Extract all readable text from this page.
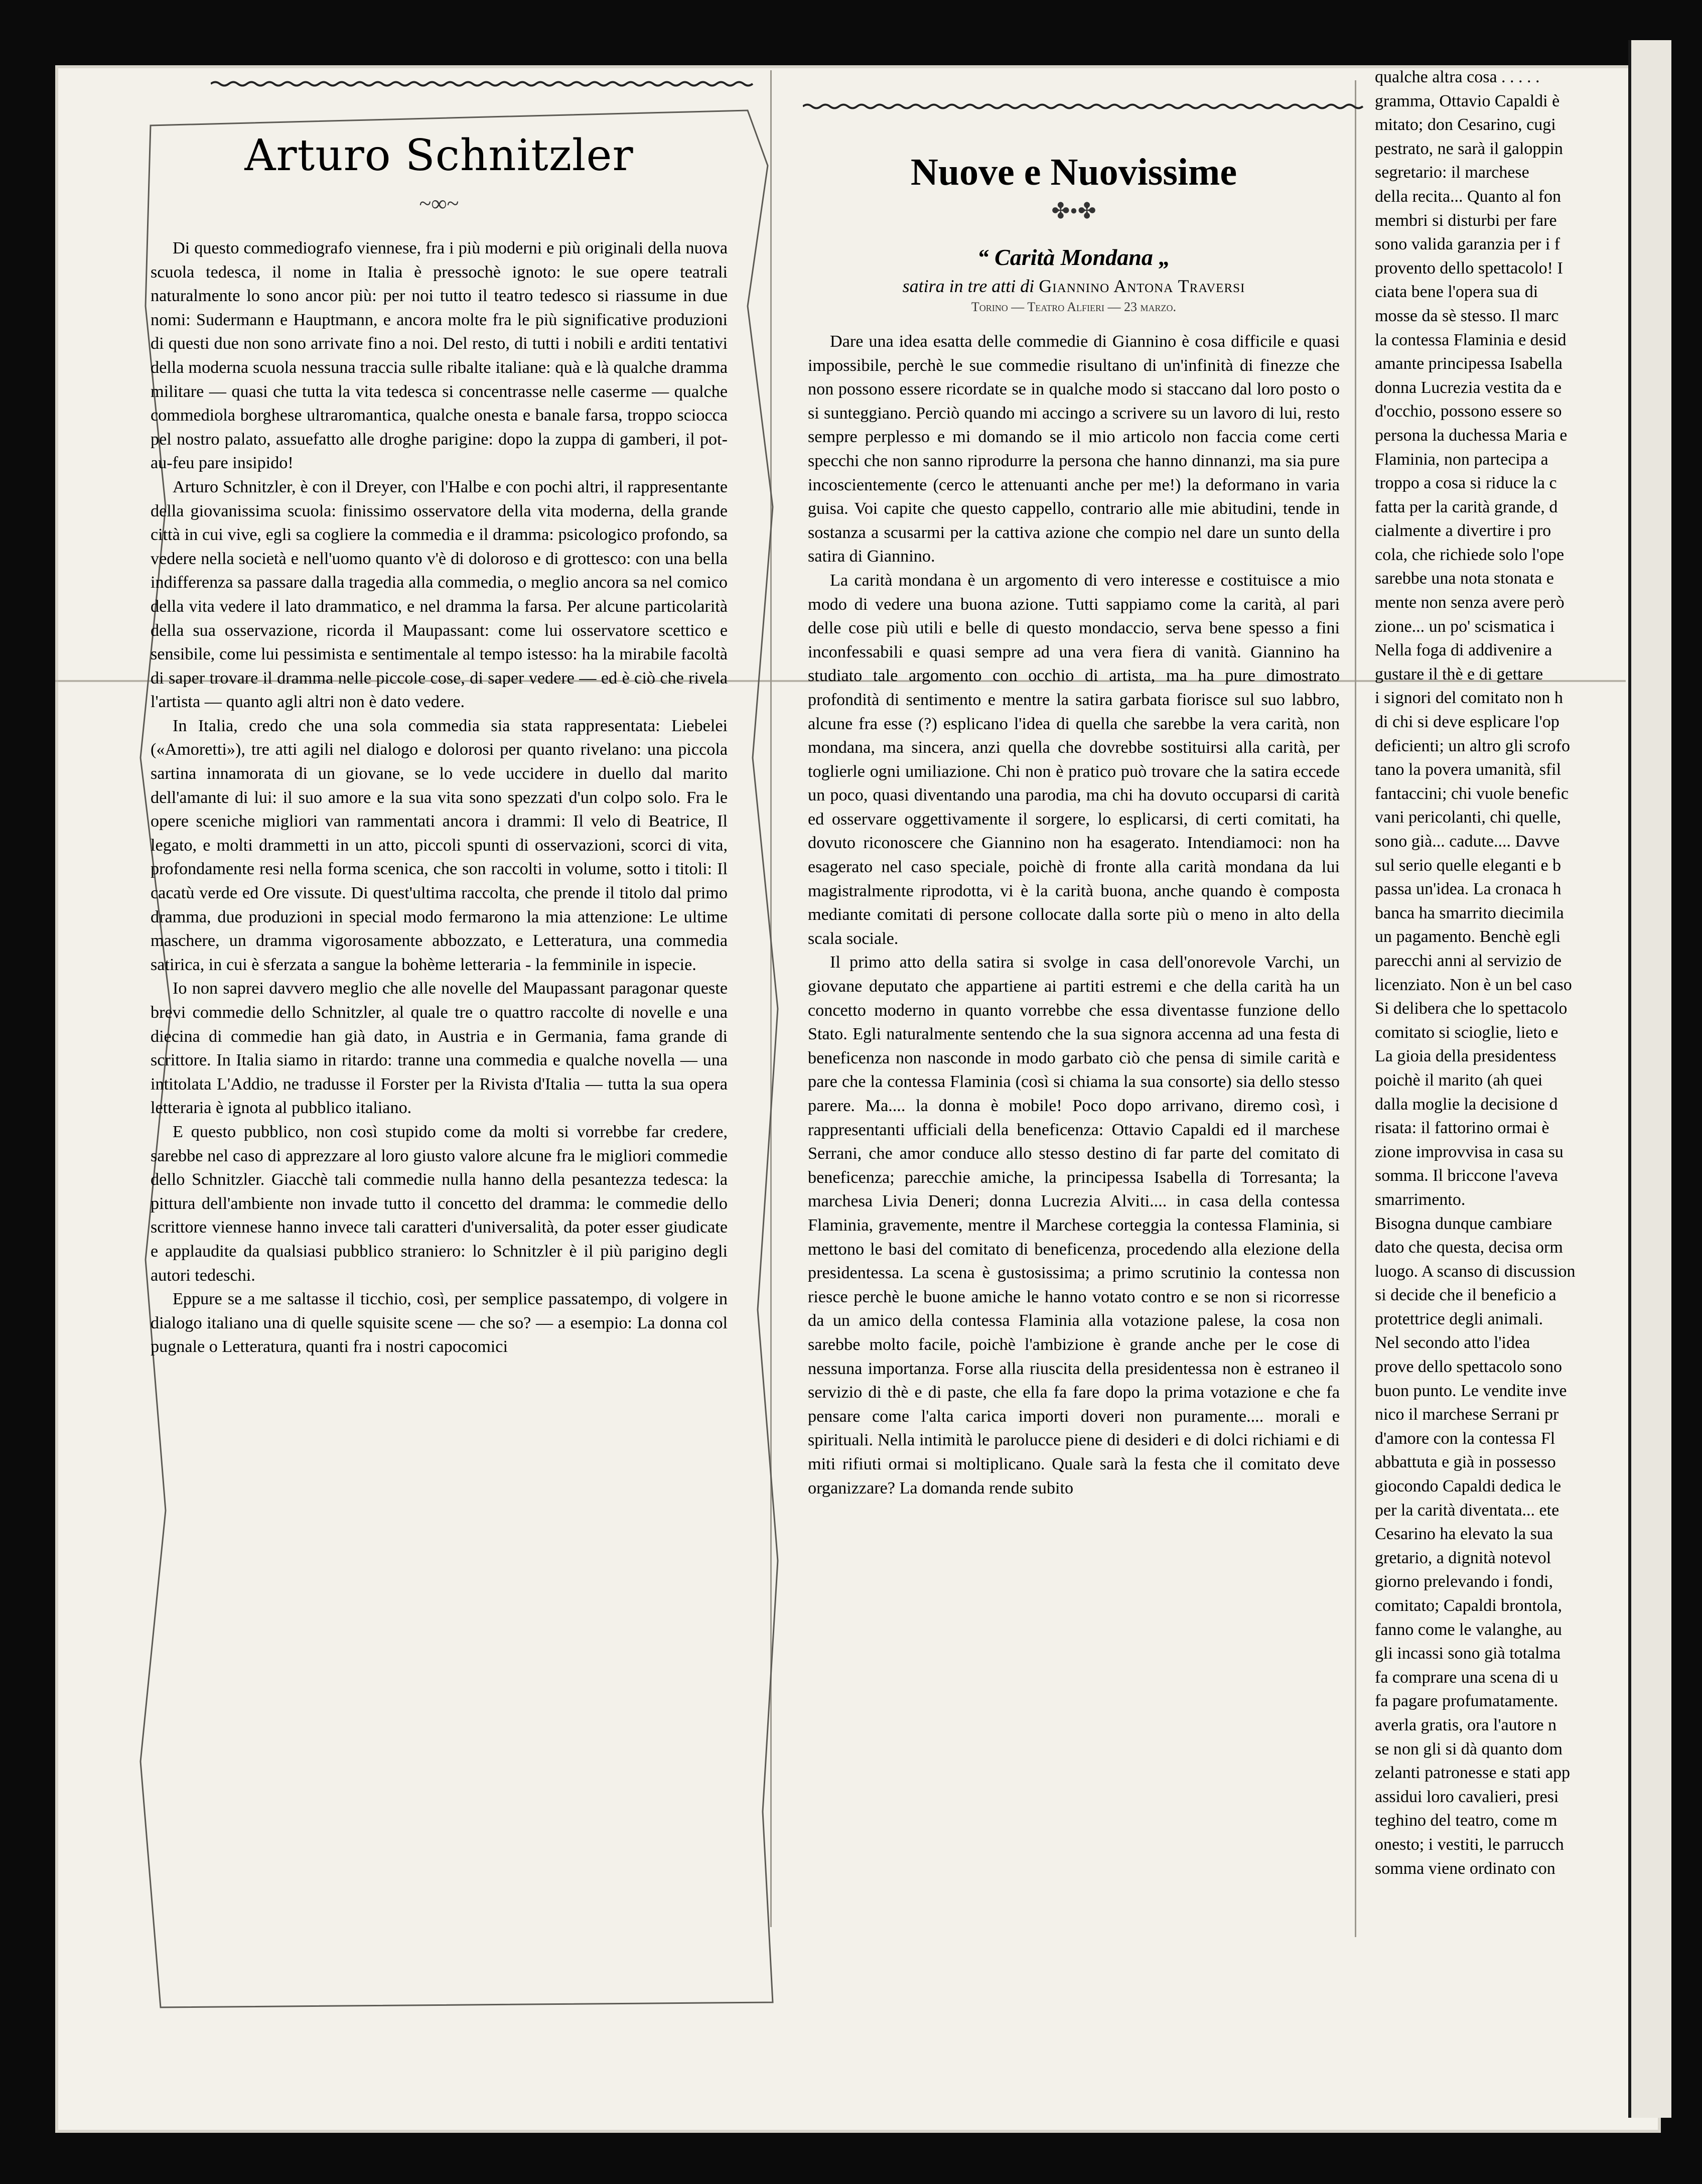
Arturo Schnitzler
~∞~

Di questo commediografo viennese, fra i più moderni e più originali della nuova scuola tedesca, il nome in Italia è pressochè ignoto: le sue opere teatrali naturalmente lo sono ancor più: per noi tutto il teatro tedesco si riassume in due nomi: Sudermann e Hauptmann, e ancora molte fra le più significative produzioni di questi due non sono arrivate fino a noi. Del resto, di tutti i nobili e arditi tentativi della moderna scuola nessuna traccia sulle ribalte italiane: quà e là qualche dramma militare — quasi che tutta la vita tedesca si concentrasse nelle caserme — qualche commediola borghese ultraromantica, qualche onesta e banale farsa, troppo sciocca pel nostro palato, assuefatto alle droghe parigine: dopo la zuppa di gamberi, il pot-au-feu pare insipido!

Arturo Schnitzler, è con il Dreyer, con l'Halbe e con pochi altri, il rappresentante della giovanissima scuola: finissimo osservatore della vita moderna, della grande città in cui vive, egli sa cogliere la commedia e il dramma: psicologico profondo, sa vedere nella società e nell'uomo quanto v'è di doloroso e di grottesco: con una bella indifferenza sa passare dalla tragedia alla commedia, o meglio ancora sa nel comico della vita vedere il lato drammatico, e nel dramma la farsa. Per alcune particolarità della sua osservazione, ricorda il Maupassant: come lui osservatore scettico e sensibile, come lui pessimista e sentimentale al tempo istesso: ha la mirabile facoltà di saper trovare il dramma nelle piccole cose, di saper vedere — ed è ciò che rivela l'artista — quanto agli altri non è dato vedere.

In Italia, credo che una sola commedia sia stata rappresentata: Liebelei («Amoretti»), tre atti agili nel dialogo e dolorosi per quanto rivelano: una piccola sartina innamorata di un giovane, se lo vede uccidere in duello dal marito dell'amante di lui: il suo amore e la sua vita sono spezzati d'un colpo solo. Fra le opere sceniche migliori van rammentati ancora i drammi: Il velo di Beatrice, Il legato, e molti drammetti in un atto, piccoli spunti di osservazioni, scorci di vita, profondamente resi nella forma scenica, che son raccolti in volume, sotto i titoli: Il cacatù verde ed Ore vissute. Di quest'ultima raccolta, che prende il titolo dal primo dramma, due produzioni in special modo fermarono la mia attenzione: Le ultime maschere, un dramma vigorosamente abbozzato, e Letteratura, una commedia satirica, in cui è sferzata a sangue la bohème letteraria - la femminile in ispecie.

Io non saprei davvero meglio che alle novelle del Maupassant paragonar queste brevi commedie dello Schnitzler, al quale tre o quattro raccolte di novelle e una diecina di commedie han già dato, in Austria e in Germania, fama grande di scrittore. In Italia siamo in ritardo: tranne una commedia e qualche novella — una intitolata L'Addio, ne tradusse il Forster per la Rivista d'Italia — tutta la sua opera letteraria è ignota al pubblico italiano.

E questo pubblico, non così stupido come da molti si vorrebbe far credere, sarebbe nel caso di apprezzare al loro giusto valore alcune fra le migliori commedie dello Schnitzler. Giacchè tali commedie nulla hanno della pesantezza tedesca: la pittura dell'ambiente non invade tutto il concetto del dramma: le commedie dello scrittore viennese hanno invece tali caratteri d'universalità, da poter esser giudicate e applaudite da qualsiasi pubblico straniero: lo Schnitzler è il più parigino degli autori tedeschi.

Eppure se a me saltasse il ticchio, così, per semplice passatempo, di volgere in dialogo italiano una di quelle squisite scene — che so? — a esempio: La donna col pugnale o Letteratura, quanti fra i nostri capocomici

Nuove e Nuovissime
✤•✤
“ Carità Mondana „

satira in tre atti di Giannino Antona Traversi

Torino — Teatro Alfieri — 23 marzo.

Dare una idea esatta delle commedie di Giannino è cosa difficile e quasi impossibile, perchè le sue commedie risultano di un'infinità di finezze che non possono essere ricordate se in qualche modo si staccano dal loro posto o si sunteggiano. Perciò quando mi accingo a scrivere su un lavoro di lui, resto sempre perplesso e mi domando se il mio articolo non faccia come certi specchi che non sanno riprodurre la persona che hanno dinnanzi, ma sia pure incoscientemente (cerco le attenuanti anche per me!) la deformano in varia guisa. Voi capite che questo cappello, contrario alle mie abitudini, tende in sostanza a scusarmi per la cattiva azione che compio nel dare un sunto della satira di Giannino.

La carità mondana è un argomento di vero interesse e costituisce a mio modo di vedere una buona azione. Tutti sappiamo come la carità, al pari delle cose più utili e belle di questo mondaccio, serva bene spesso a fini inconfessabili e quasi sempre ad una vera fiera di vanità. Giannino ha studiato tale argomento con occhio di artista, ma ha pure dimostrato profondità di sentimento e mentre la satira garbata fiorisce sul suo labbro, alcune fra esse (?) esplicano l'idea di quella che sarebbe la vera carità, non mondana, ma sincera, anzi quella che dovrebbe sostituirsi alla carità, per toglierle ogni umiliazione. Chi non è pratico può trovare che la satira eccede un poco, quasi diventando una parodia, ma chi ha dovuto occuparsi di carità ed osservare oggettivamente il sorgere, lo esplicarsi, di certi comitati, ha dovuto riconoscere che Giannino non ha esagerato. Intendiamoci: non ha esagerato nel caso speciale, poichè di fronte alla carità mondana da lui magistralmente riprodotta, vi è la carità buona, anche quando è composta mediante comitati di persone collocate dalla sorte più o meno in alto della scala sociale.

Il primo atto della satira si svolge in casa dell'onorevole Varchi, un giovane deputato che appartiene ai partiti estremi e che della carità ha un concetto moderno in quanto vorrebbe che essa diventasse funzione dello Stato. Egli naturalmente sentendo che la sua signora accenna ad una festa di beneficenza non nasconde in modo garbato ciò che pensa di simile carità e pare che la contessa Flaminia (così si chiama la sua consorte) sia dello stesso parere. Ma.... la donna è mobile! Poco dopo arrivano, diremo così, i rappresentanti ufficiali della beneficenza: Ottavio Capaldi ed il marchese Serrani, che amor conduce allo stesso destino di far parte del comitato di beneficenza; parecchie amiche, la principessa Isabella di Torresanta; la marchesa Livia Deneri; donna Lucrezia Alviti.... in casa della contessa Flaminia, gravemente, mentre il Marchese corteggia la contessa Flaminia, si mettono le basi del comitato di beneficenza, procedendo alla elezione della presidentessa. La scena è gustosissima; a primo scrutinio la contessa non riesce perchè le buone amiche le hanno votato contro e se non si ricorresse da un amico della contessa Flaminia alla votazione palese, la cosa non sarebbe molto facile, poichè l'ambizione è grande anche per le cose di nessuna importanza. Forse alla riuscita della presidentessa non è estraneo il servizio di thè e di paste, che ella fa fare dopo la prima votazione e che fa pensare come l'alta carica importi doveri non puramente.... morali e spirituali. Nella intimità le parolucce piene di desideri e di dolci richiami e di miti rifiuti ormai si moltiplicano. Quale sarà la festa che il comitato deve organizzare? La domanda rende subito

qualche altra cosa . . . . .
gramma, Ottavio Capaldi è
mitato; don Cesarino, cugi
pestrato, ne sarà il galoppin
segretario: il marchese
della recita... Quanto al fon
membri si disturbi per fare
sono valida garanzia per i f
provento dello spettacolo! I
ciata bene l'opera sua di
mosse da sè stesso. Il marc
la contessa Flaminia e desid
amante principessa Isabella
donna Lucrezia vestita da e
d'occhio, possono essere so
persona la duchessa Maria e
Flaminia, non partecipa a
troppo a cosa si riduce la c
fatta per la carità grande, d
cialmente a divertire i pro
cola, che richiede solo l'ope
sarebbe una nota stonata e
mente non senza avere però
zione... un po' scismatica i
Nella foga di addivenire a
gustare il thè e di gettare
i signori del comitato non h
di chi si deve esplicare l'op
deficienti; un altro gli scrofo
tano la povera umanità, sfil
fantaccini; chi vuole benefic
vani pericolanti, chi quelle,
sono già... cadute.... Davve
sul serio quelle eleganti e b
passa un'idea. La cronaca h
banca ha smarrito diecimila
un pagamento. Benchè egli
parecchi anni al servizio de
licenziato. Non è un bel caso
Si delibera che lo spettacolo
comitato si scioglie, lieto e
La gioia della presidentess
poichè il marito (ah quei
dalla moglie la decisione d
risata: il fattorino ormai è
zione improvvisa in casa su
somma. Il briccone l'aveva
smarrimento.
Bisogna dunque cambiare
dato che questa, decisa orm
luogo. A scanso di discussion
si decide che il beneficio a
protettrice degli animali.
Nel secondo atto l'idea
prove dello spettacolo sono
buon punto. Le vendite inve
nico il marchese Serrani pr
d'amore con la contessa Fl
abbattuta e già in possesso
giocondo Capaldi dedica le
per la carità diventata... ete
Cesarino ha elevato la sua
gretario, a dignità notevol
giorno prelevando i fondi,
comitato; Capaldi brontola,
fanno come le valanghe, au
gli incassi sono già totalma
fa comprare una scena di u
fa pagare profumatamente.
averla gratis, ora l'autore n
se non gli si dà quanto dom
zelanti patronesse e stati app
assidui loro cavalieri, presi
teghino del teatro, come m
onesto; i vestiti, le parrucch
somma viene ordinato con
